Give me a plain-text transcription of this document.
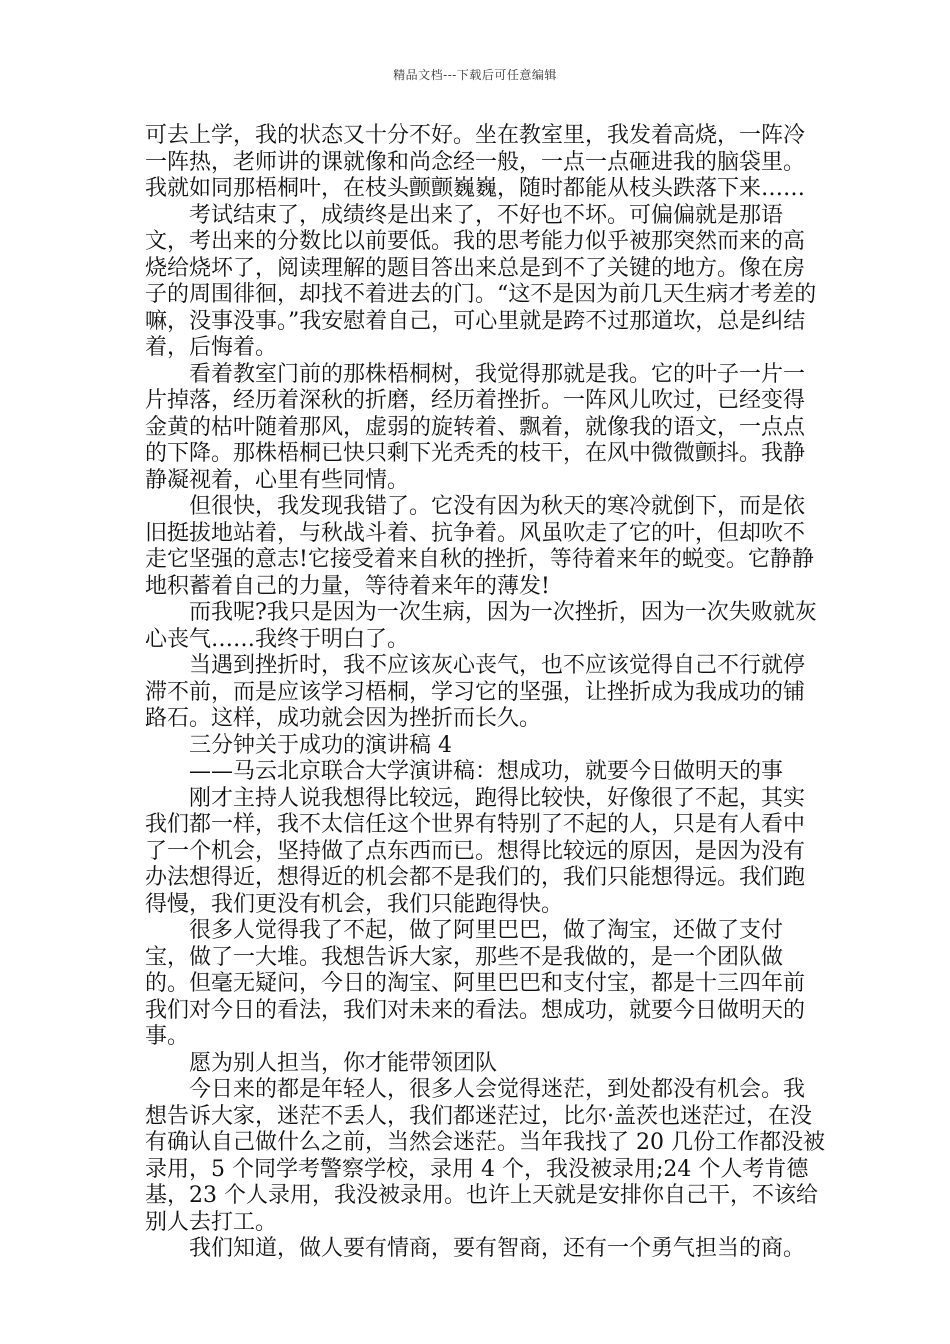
精品文档---下载后可任意编辑

可去上学，我的状态又十分不好。坐在教室里，我发着高烧，一阵冷一阵热，老师讲的课就像和尚念经一般，一点一点砸进我的脑袋里。我就如同那梧桐叶，在枝头颤颤巍巍，随时都能从枝头跌落下来……

考试结束了，成绩终是出来了，不好也不坏。可偏偏就是那语文，考出来的分数比以前要低。我的思考能力似乎被那突然而来的高烧给烧坏了，阅读理解的题目答出来总是到不了关键的地方。像在房子的周围徘徊，却找不着进去的门。“这不是因为前几天生病才考差的嘛，没事没事。”我安慰着自己，可心里就是跨不过那道坎，总是纠结着，后悔着。

看着教室门前的那株梧桐树，我觉得那就是我。它的叶子一片一片掉落，经历着深秋的折磨，经历着挫折。一阵风儿吹过，已经变得金黄的枯叶随着那风，虚弱的旋转着、飘着，就像我的语文，一点点的下降。那株梧桐已快只剩下光秃秃的枝干，在风中微微颤抖。我静静凝视着，心里有些同情。

但很快，我发现我错了。它没有因为秋天的寒冷就倒下，而是依旧挺拔地站着，与秋战斗着、抗争着。风虽吹走了它的叶，但却吹不走它坚强的意志!它接受着来自秋的挫折，等待着来年的蜕变。它静静地积蓄着自己的力量，等待着来年的薄发!

而我呢?我只是因为一次生病，因为一次挫折，因为一次失败就灰心丧气……我终于明白了。

当遇到挫折时，我不应该灰心丧气，也不应该觉得自己不行就停滞不前，而是应该学习梧桐，学习它的坚强，让挫折成为我成功的铺路石。这样，成功就会因为挫折而长久。

三分钟关于成功的演讲稿 4

——马云北京联合大学演讲稿：想成功，就要今日做明天的事

刚才主持人说我想得比较远，跑得比较快，好像很了不起，其实我们都一样，我不太信任这个世界有特别了不起的人，只是有人看中了一个机会，坚持做了点东西而已。想得比较远的原因，是因为没有办法想得近，想得近的机会都不是我们的，我们只能想得远。我们跑得慢，我们更没有机会，我们只能跑得快。

很多人觉得我了不起，做了阿里巴巴，做了淘宝，还做了支付宝，做了一大堆。我想告诉大家，那些不是我做的，是一个团队做的。但毫无疑问，今日的淘宝、阿里巴巴和支付宝，都是十三四年前我们对今日的看法，我们对未来的看法。想成功，就要今日做明天的事。

愿为别人担当，你才能带领团队

今日来的都是年轻人，很多人会觉得迷茫，到处都没有机会。我想告诉大家，迷茫不丢人，我们都迷茫过，比尔·盖茨也迷茫过，在没有确认自己做什么之前，当然会迷茫。当年我找了 20 几份工作都没被录用，5 个同学考警察学校，录用 4 个，我没被录用;24 个人考肯德基，23 个人录用，我没被录用。也许上天就是安排你自己干，不该给别人去打工。

我们知道，做人要有情商，要有智商，还有一个勇气担当的商。
